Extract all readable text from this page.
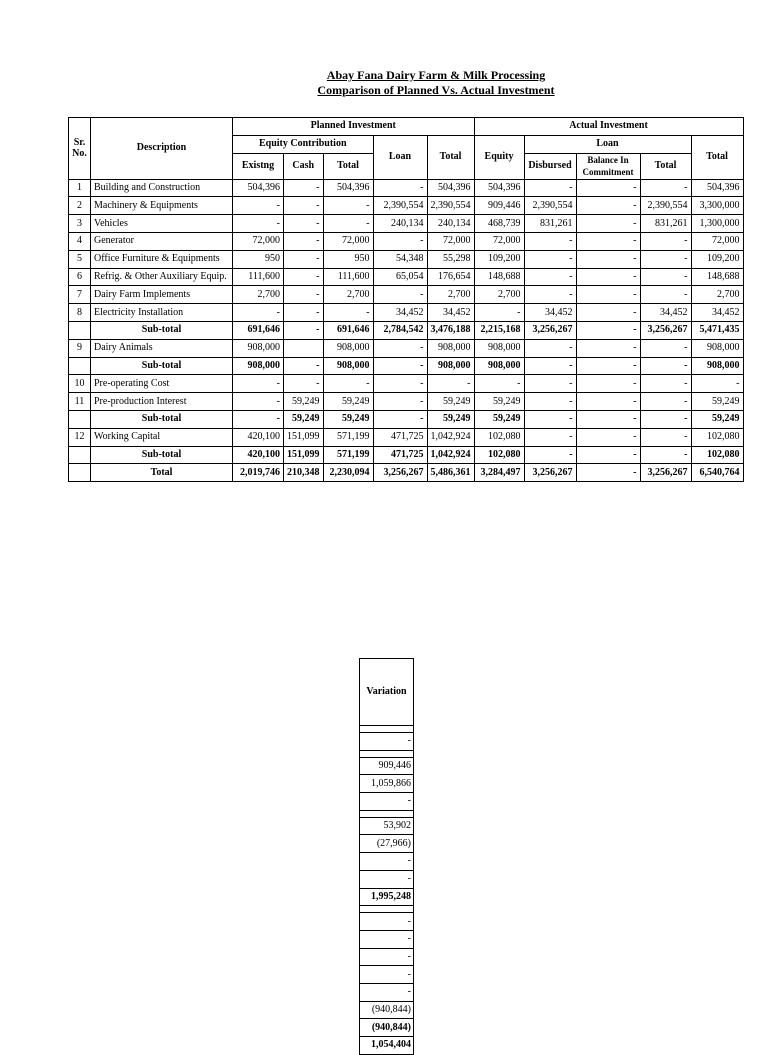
Abay Fana Dairy Farm & Milk Processing
Comparison of Planned Vs. Actual Investment
Sr. No.	Description	Planned Investment					Actual Investment				
		Equity Contribution			Loan	Total	Equity	Loan			Total
		Existng	Cash	Total				Disbursed	Balance In Commitment	Total	
1	Building and Construction	504,396	-	504,396	-	504,396	504,396	-	-	-	504,396
2	Machinery & Equipments	-	-	-	2,390,554	2,390,554	909,446	2,390,554	-	2,390,554	3,300,000
3	Vehicles	-	-	-	240,134	240,134	468,739	831,261	-	831,261	1,300,000
4	Generator	72,000	-	72,000	-	72,000	72,000	-	-	-	72,000
5	Office Furniture & Equipments	950	-	950	54,348	55,298	109,200	-	-	-	109,200
6	Refrig. & Other Auxiliary Equip.	111,600	-	111,600	65,054	176,654	148,688	-	-	-	148,688
7	Dairy Farm Implements	2,700	-	2,700	-	2,700	2,700	-	-	-	2,700
8	Electricity Installation	-	-	-	34,452	34,452	-	34,452	-	34,452	34,452
	Sub-total	691,646	-	691,646	2,784,542	3,476,188	2,215,168	3,256,267	-	3,256,267	5,471,435
9	Dairy Animals	908,000		908,000	-	908,000	908,000	-	-	-	908,000
	Sub-total	908,000	-	908,000	-	908,000	908,000	-	-	-	908,000
10	Pre-operating Cost	-	-	-	-	-	-	-	-	-	-
11	Pre-production Interest	-	59,249	59,249	-	59,249	59,249	-	-	-	59,249
	Sub-total	-	59,249	59,249	-	59,249	59,249	-	-	-	59,249
12	Working Capital	420,100	151,099	571,199	471,725	1,042,924	102,080	-	-	-	102,080
	Sub-total	420,100	151,099	571,199	471,725	1,042,924	102,080	-	-	-	102,080
	Total	2,019,746	210,348	2,230,094	3,256,267	5,486,361	3,284,497	3,256,267	-	3,256,267	6,540,764
Variation

-

909,446
1,059,866
-

53,902
(27,966)
-
-
1,995,248

-
-
-
-
-
(940,844)
(940,844)
1,054,404
